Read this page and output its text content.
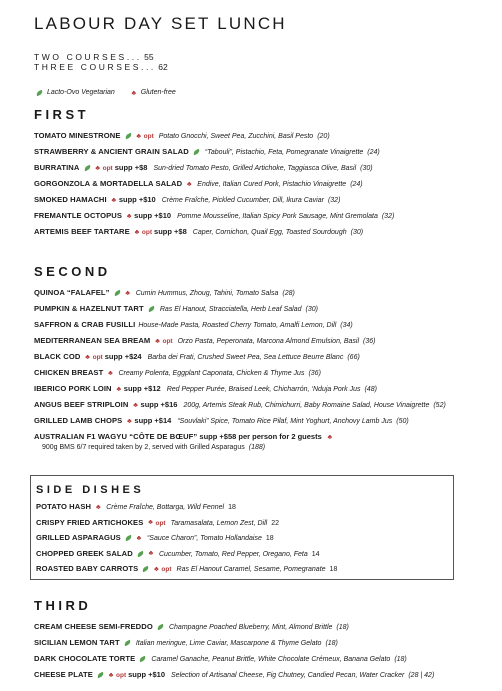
LABOUR DAY SET LUNCH
TWO COURSES... 55
THREE COURSES... 62

Lacto-Ovo Vegetarian ♣
Gluten-free
FIRST
TOMATO MINESTRONE ♣ opt Potato Gnocchi, Sweet Pea, Zucchini, Basil Pesto (20)
STRAWBERRY & ANCIENT GRAIN SALAD “Tabouli”, Pistachio, Feta, Pomegranate Vinaigrette (24)
BURRATINA ♣ opt supp +$8 Sun-dried Tomato Pesto, Grilled Artichoke, Taggiasca Olive, Basil (30)
GORGONZOLA & MORTADELLA SALAD ♣ Endive, Italian Cured Pork, Pistachio Vinaigrette (24)
SMOKED HAMACHI ♣ supp +$10 Crème Fraîche, Pickled Cucumber, Dill, Ikura Caviar (32)
FREMANTLE OCTOPUS ♣ supp +$10 Pomme Mousseline, Italian Spicy Pork Sausage, Mint Gremolata (32)
ARTEMIS BEEF TARTARE ♣ opt supp +$8 Caper, Cornichon, Quail Egg, Toasted Sourdough (30)
SECOND
QUINOA “FALAFEL” ♣ Cumin Hummus, Zhoug, Tahini, Tomato Salsa (28)
PUMPKIN & HAZELNUT TART Ras El Hanout, Stracciatella, Herb Leaf Salad (30)
SAFFRON & CRAB FUSILLI House-Made Pasta, Roasted Cherry Tomato, Amalfi Lemon, Dill (34)
MEDITERRANEAN SEA BREAM ♣ opt Orzo Pasta, Peperonata, Marcona Almond Emulsion, Basil (36)
BLACK COD ♣ opt supp +$24 Barba dei Frati, Crushed Sweet Pea, Sea Lettuce Beurre Blanc (66)
CHICKEN BREAST ♣ Creamy Polenta, Eggplant Caponata, Chicken & Thyme Jus (36)
IBERICO PORK LOIN ♣ supp +$12 Red Pepper Purée, Braised Leek, Chicharrón, ‘Nduja Pork Jus (48)
ANGUS BEEF STRIPLOIN ♣ supp +$16 200g, Artemis Steak Rub, Chimichurri, Baby Romaine Salad, House Vinaigrette (52)
GRILLED LAMB CHOPS ♣ supp +$14 “Souvlaki” Spice, Tomato Rice Pilaf, Mint Yoghurt, Anchovy Lamb Jus (50)
AUSTRALIAN F1 WAGYU “CÔTE DE BŒUF” supp +$58 per person for 2 guests ♣
900g BMS 6/7 required taken by 2, served with Grilled Asparagus (188)
THIRD
CREAM CHEESE SEMI-FREDDO Champagne Poached Blueberry, Mint, Almond Brittle (18)
SICILIAN LEMON TART Italian meringue, Lime Caviar, Mascarpone & Thyme Gelato (18)
DARK CHOCOLATE TORTE Caramel Ganache, Peanut Brittle, White Chocolate Crémeux, Banana Gelato (18)
CHEESE PLATE ♣ opt supp +$10 Selection of Artisanal Cheese, Fig Chutney, Candied Pecan, Water Cracker (28 | 42)
SIDE DISHES
POTATO HASH ♣ Crème Fraîche, Bottarga, Wild Fennel 18
CRISPY FRIED ARTICHOKES ♣ opt Taramasalata, Lemon Zest, Dill 22
GRILLED ASPARAGUS ♣ “Sauce Charon”, Tomato Hollandaise 18
CHOPPED GREEK SALAD ♣ Cucumber, Tomato, Red Pepper, Oregano, Feta 14
ROASTED BABY CARROTS ♣ opt Ras El Hanout Caramel, Sesame, Pomegranate 18
